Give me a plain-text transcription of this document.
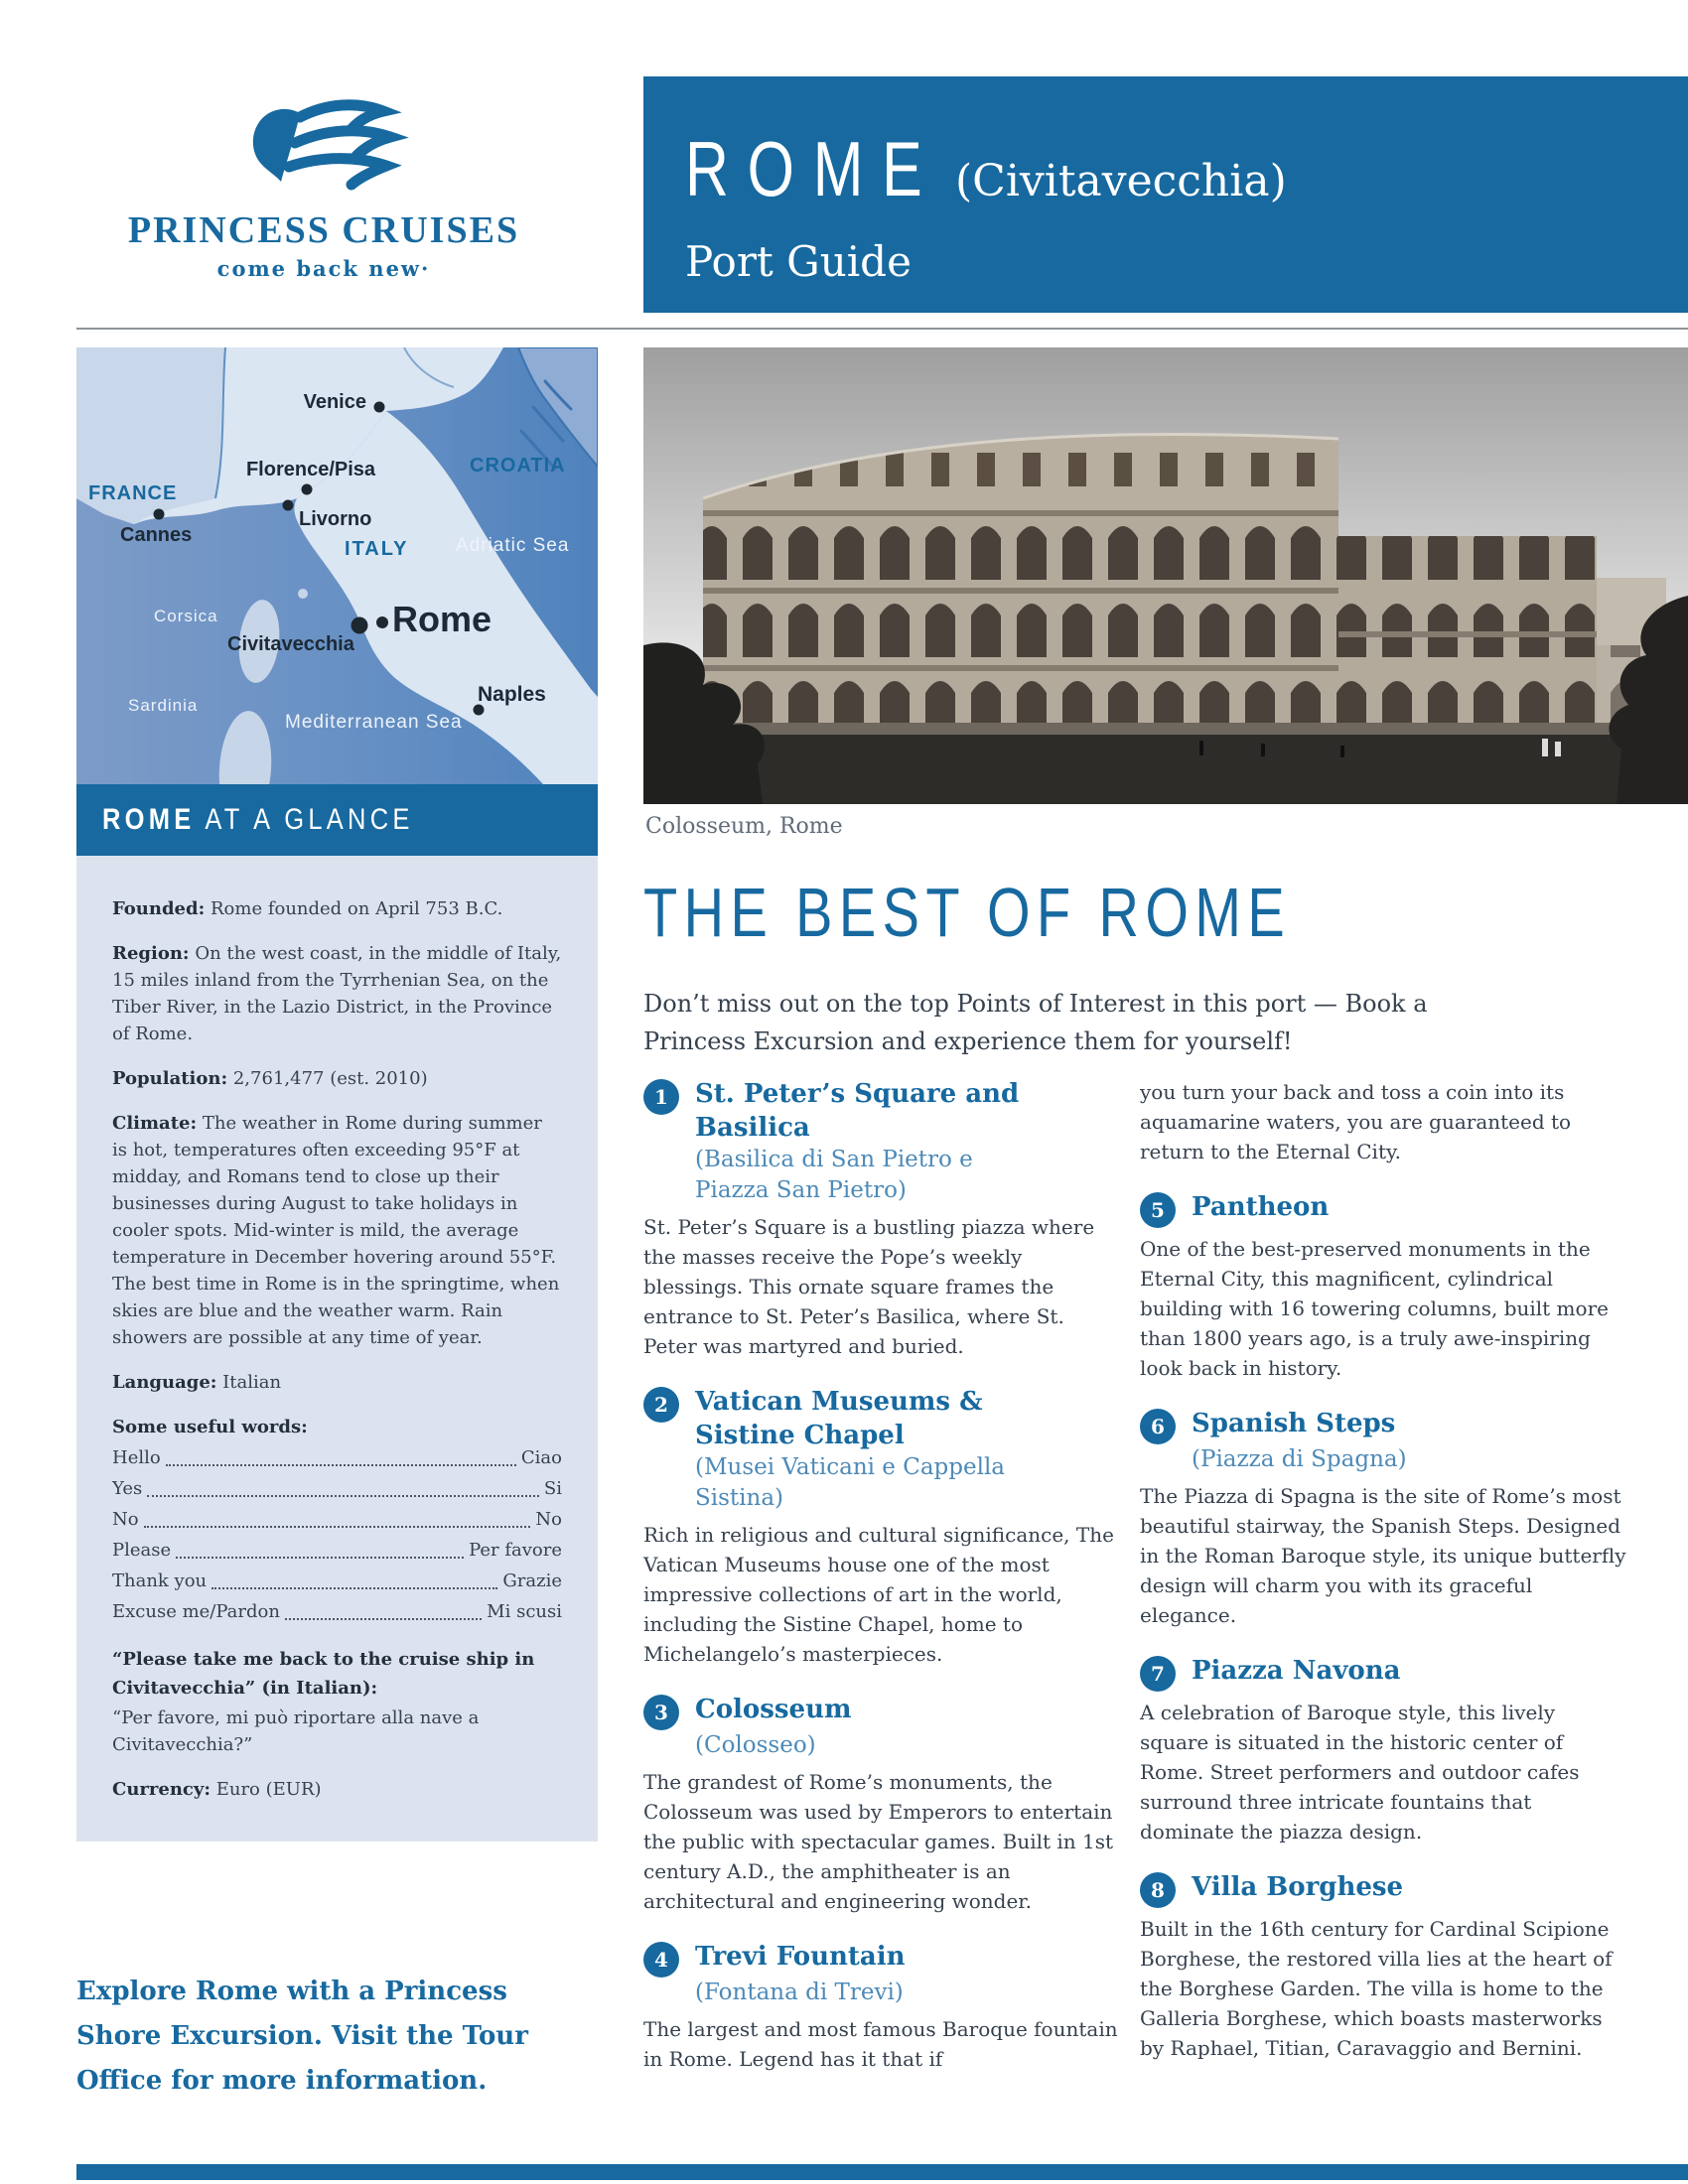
PRINCESS CRUISES
come back new·
ROME (Civitavecchia)
Port Guide
Venice
Florence/Pisa
Livorno
Cannes
FRANCE
CROATIA
ITALY	Adriatic Sea
Corsica
Civitavecchia
Rome
Naples
Sardinia
Mediterranean Sea
ROME AT A GLANCE

Founded: Rome founded on April 753 B.C.

Region: On the west coast, in the middle of Italy, 15 miles inland from the Tyrrhenian Sea, on the Tiber River, in the Lazio District, in the Province of Rome.

Population: 2,761,477 (est. 2010)

Climate: The weather in Rome during summer is hot, temperatures often exceeding 95°F at midday, and Romans tend to close up their businesses during August to take holidays in cooler spots. Mid-winter is mild, the average temperature in December hovering around 55°F. The best time in Rome is in the springtime, when skies are blue and the weather warm. Rain showers are possible at any time of year.

Language: Italian

Some useful words:

Hello	Ciao
Yes	Si
No	No
Please	Per favore
Thank you	Grazie
Excuse me/Pardon	Mi scusi

“Please take me back to the cruise ship in Civitavecchia” (in Italian):

“Per favore, mi può riportare alla nave a Civitavecchia?”

Currency: Euro (EUR)

Explore Rome with a Princess Shore Excursion. Visit the Tour Office for more information.
Colosseum, Rome
THE BEST OF ROME
Don’t miss out on the top Points of Interest in this port — Book a Princess Excursion and experience them for yourself!
1	St. Peter’s Square and Basilica
(Basilica di San Pietro e Piazza San Pietro)

St. Peter’s Square is a bustling piazza where the masses receive the Pope’s weekly blessings. This ornate square frames the entrance to St. Peter’s Basilica, where St. Peter was martyred and buried.

2	Vatican Museums & Sistine Chapel
(Musei Vaticani e Cappella Sistina)

Rich in religious and cultural significance, The Vatican Museums house one of the most impressive collections of art in the world, including the Sistine Chapel, home to Michelangelo’s masterpieces.

3	Colosseum
(Colosseo)

The grandest of Rome’s monuments, the Colosseum was used by Emperors to entertain the public with spectacular games. Built in 1st century A.D., the amphitheater is an architectural and engineering wonder.

4	Trevi Fountain
(Fontana di Trevi)

The largest and most famous Baroque fountain in Rome. Legend has it that if

you turn your back and toss a coin into its aquamarine waters, you are guaranteed to return to the Eternal City.

5	Pantheon

One of the best-preserved monuments in the Eternal City, this magnificent, cylindrical building with 16 towering columns, built more than 1800 years ago, is a truly awe-inspiring look back in history.

6	Spanish Steps
(Piazza di Spagna)

The Piazza di Spagna is the site of Rome’s most beautiful stairway, the Spanish Steps. Designed in the Roman Baroque style, its unique butterfly design will charm you with its graceful elegance.

7	Piazza Navona

A celebration of Baroque style, this lively square is situated in the historic center of Rome. Street performers and outdoor cafes surround three intricate fountains that dominate the piazza design.

8	Villa Borghese

Built in the 16th century for Cardinal Scipione Borghese, the restored villa lies at the heart of the Borghese Garden. The villa is home to the Galleria Borghese, which boasts masterworks by Raphael, Titian, Caravaggio and Bernini.
